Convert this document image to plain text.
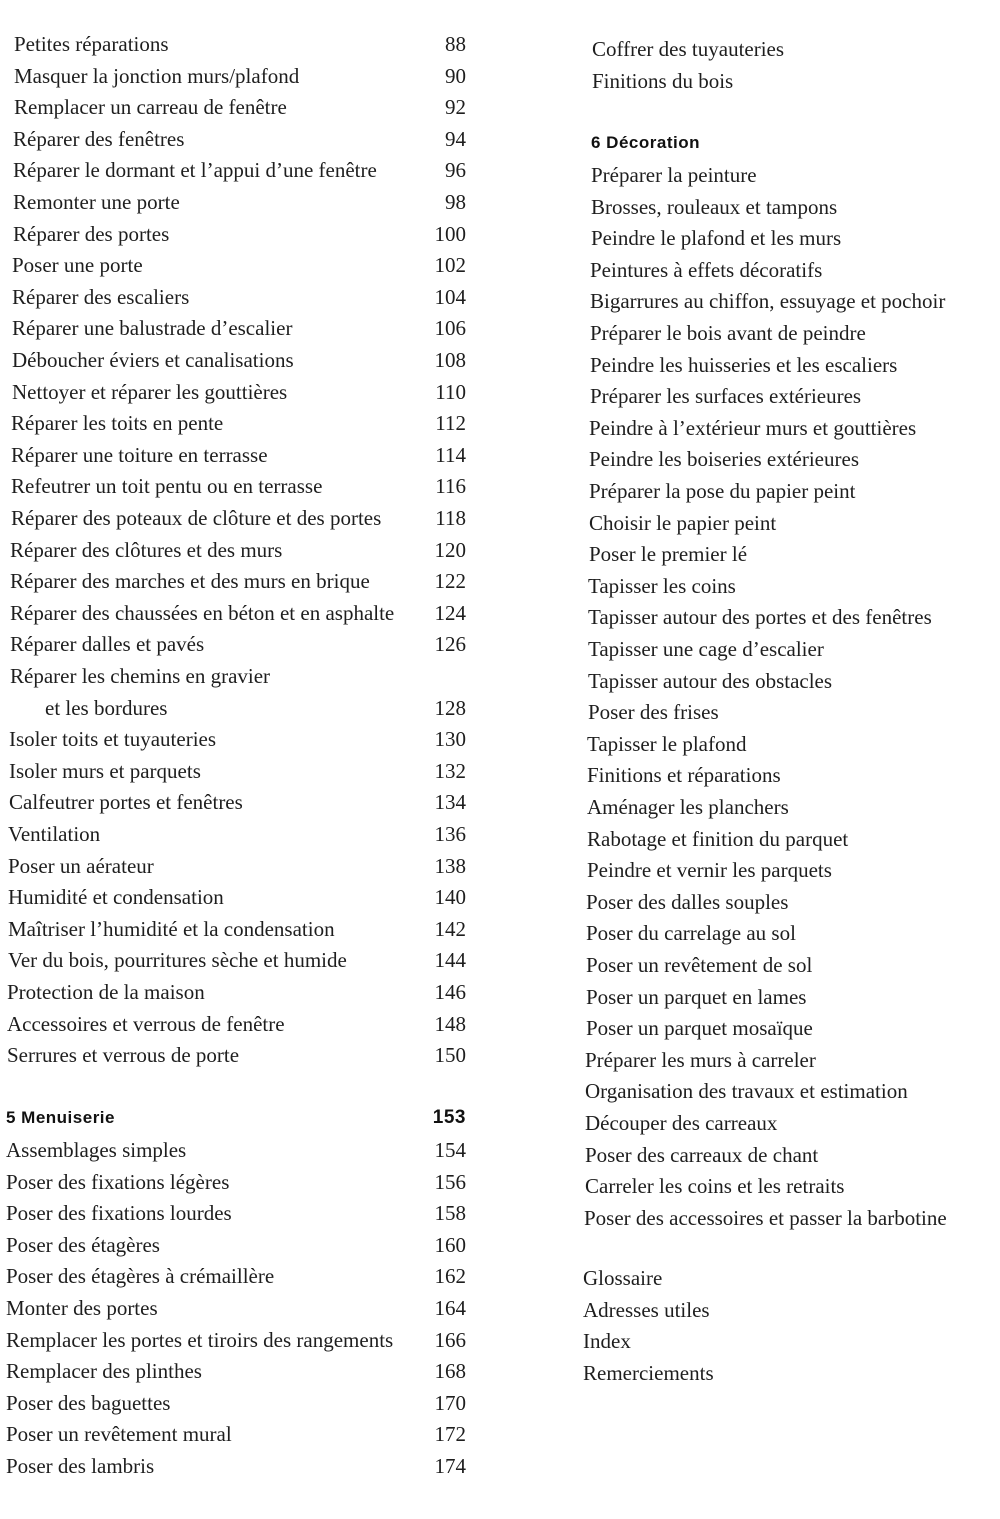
Petites réparations	88
Masquer la jonction murs/plafond	90
Remplacer un carreau de fenêtre	92
Réparer des fenêtres	94
Réparer le dormant et l’appui d’une fenêtre	96
Remonter une porte	98
Réparer des portes	100
Poser une porte	102
Réparer des escaliers	104
Réparer une balustrade d’escalier	106
Déboucher éviers et canalisations	108
Nettoyer et réparer les gouttières	110
Réparer les toits en pente	112
Réparer une toiture en terrasse	114
Refeutrer un toit pentu ou en terrasse	116
Réparer des poteaux de clôture et des portes	118
Réparer des clôtures et des murs	120
Réparer des marches et des murs en brique	122
Réparer des chaussées en béton et en asphalte 124
Réparer dalles et pavés	126
Réparer les chemins en gravier
et les bordures	128
Isoler toits et tuyauteries	130
Isoler murs et parquets	132
Calfeutrer portes et fenêtres	134
Ventilation	136
Poser un aérateur	138
Humidité et condensation	140
Maîtriser l’humidité et la condensation	142
Ver du bois, pourritures sèche et humide	144
Protection de la maison	146
Accessoires et verrous de fenêtre	148
Serrures et verrous de porte	150
5 Menuiserie	153
Assemblages simples	154
Poser des fixations légères	156
Poser des fixations lourdes	158
Poser des étagères	160
Poser des étagères à crémaillère	162
Monter des portes	164
Remplacer les portes et tiroirs des rangements 166
Remplacer des plinthes	168
Poser des baguettes	170
Poser un revêtement mural	172
Poser des lambris	174
Coffrer des tuyauteries
Finitions du bois
6 Décoration
Préparer la peinture
Brosses, rouleaux et tampons
Peindre le plafond et les murs
Peintures à effets décoratifs
Bigarrures au chiffon, essuyage et pochoir
Préparer le bois avant de peindre
Peindre les huisseries et les escaliers
Préparer les surfaces extérieures
Peindre à l’extérieur murs et gouttières
Peindre les boiseries extérieures
Préparer la pose du papier peint
Choisir le papier peint
Poser le premier lé
Tapisser les coins
Tapisser autour des portes et des fenêtres
Tapisser une cage d’escalier
Tapisser autour des obstacles
Poser des frises
Tapisser le plafond
Finitions et réparations
Aménager les planchers
Rabotage et finition du parquet
Peindre et vernir les parquets
Poser des dalles souples
Poser du carrelage au sol
Poser un revêtement de sol
Poser un parquet en lames
Poser un parquet mosaïque
Préparer les murs à carreler
Organisation des travaux et estimation
Découper des carreaux
Poser des carreaux de chant
Carreler les coins et les retraits
Poser des accessoires et passer la barbotine
Glossaire
Adresses utiles
Index
Remerciements
